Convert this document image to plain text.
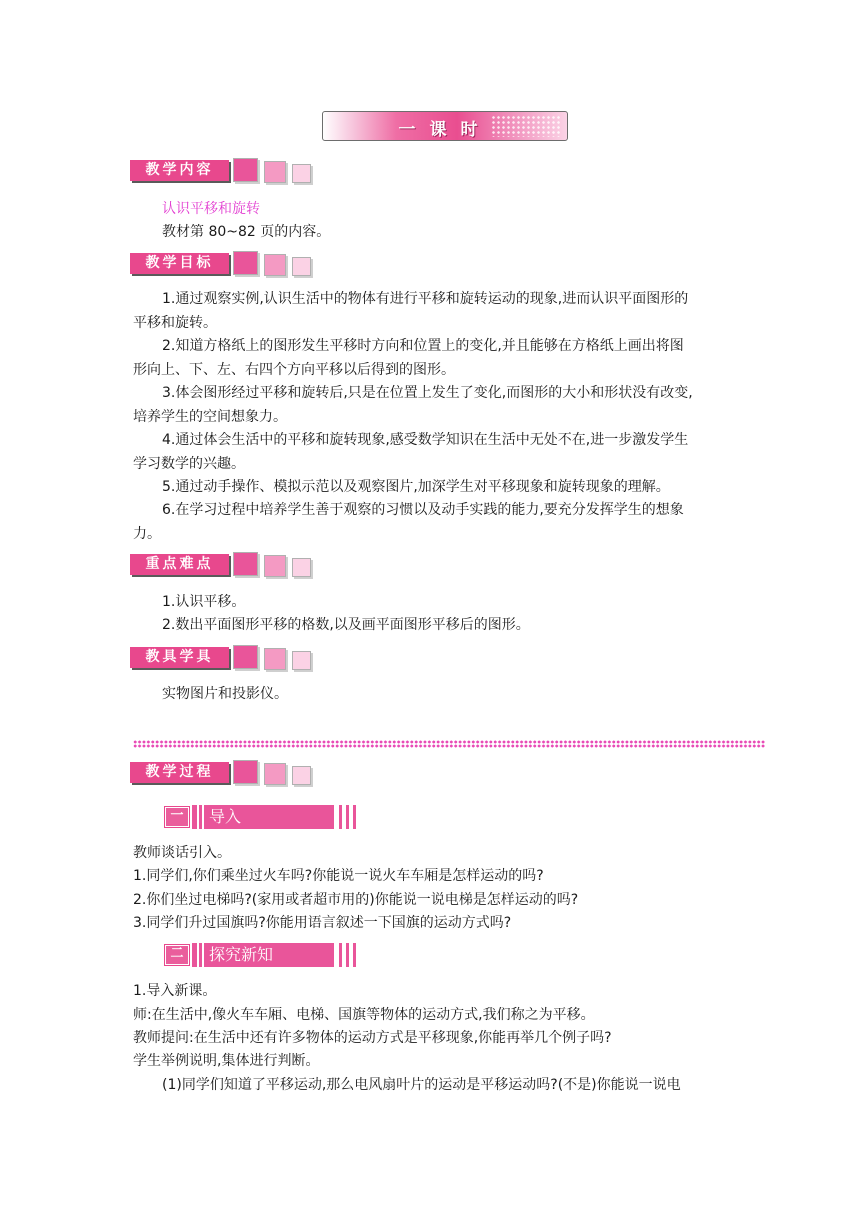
一课时
教学内容
认识平移和旋转
教材第 80~82 页的内容。
教学目标
1.通过观察实例,认识生活中的物体有进行平移和旋转运动的现象,进而认识平面图形的
平移和旋转。
2.知道方格纸上的图形发生平移时方向和位置上的变化,并且能够在方格纸上画出将图
形向上、下、左、右四个方向平移以后得到的图形。
3.体会图形经过平移和旋转后,只是在位置上发生了变化,而图形的大小和形状没有改变,
培养学生的空间想象力。
4.通过体会生活中的平移和旋转现象,感受数学知识在生活中无处不在,进一步激发学生
学习数学的兴趣。
5.通过动手操作、模拟示范以及观察图片,加深学生对平移现象和旋转现象的理解。
6.在学习过程中培养学生善于观察的习惯以及动手实践的能力,要充分发挥学生的想象
力。
重点难点
1.认识平移。
2.数出平面图形平移的格数,以及画平面图形平移后的图形。
教具学具
实物图片和投影仪。
教学过程
一	导入
教师谈话引入。
1.同学们,你们乘坐过火车吗?你能说一说火车车厢是怎样运动的吗?
2.你们坐过电梯吗?(家用或者超市用的)你能说一说电梯是怎样运动的吗?
3.同学们升过国旗吗?你能用语言叙述一下国旗的运动方式吗?
二	探究新知
1.导入新课。
师:在生活中,像火车车厢、电梯、国旗等物体的运动方式,我们称之为平移。
教师提问:在生活中还有许多物体的运动方式是平移现象,你能再举几个例子吗?
学生举例说明,集体进行判断。
(1)同学们知道了平移运动,那么电风扇叶片的运动是平移运动吗?(不是)你能说一说电
